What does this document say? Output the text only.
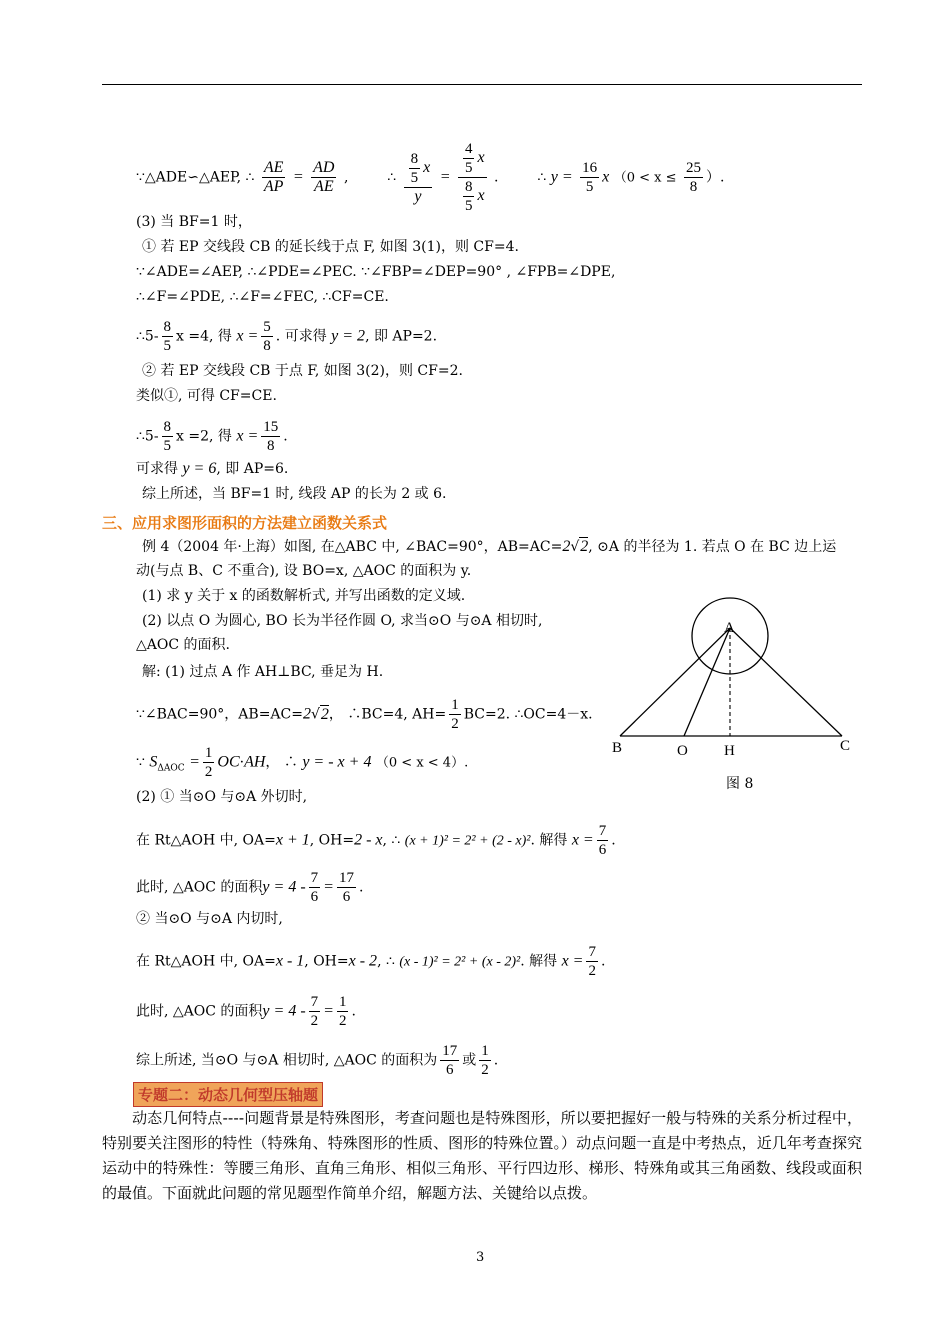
∵△ADE∽△AEP, ∴ $\frac{AE}{AP} = \frac{AD}{AE}$ ,	∴ $\frac{\frac{8}{5} x}{y} = \frac{\frac{4}{5} x}{\frac{8}{5} x}$ .	∴ $y = \frac{16}{5}$ x （$0 < x \le \frac{25}{8}$ ）.
(3) 当 BF=1 时，
① 若 EP 交线段 CB 的延长线于点 F, 如图 3(1)，则 CF=4.
∵∠ADE=∠AEP, ∴∠PDE=∠PEC. ∵∠FBP=∠DEP=90° , ∠FPB=∠DPE,
∴∠F=∠PDE, ∴∠F=∠FEC, ∴CF=CE.
∴5- $\frac{8}{5}$ x =4, 得 $x = \frac{5}{8}$ . 可求得 y = 2, 即 AP=2.
② 若 EP 交线段 CB 于点 F, 如图 3(2)，则 CF=2.
类似①, 可得 CF=CE.
∴5- $\frac{8}{5}$ x =2, 得 $x = \frac{15}{8}$ .
可求得 y = 6, 即 AP=6.
综上所述，当 BF=1 时, 线段 AP 的长为 2 或 6.
三、应用求图形面积的方法建立函数关系式
例 4（2004 年·上海）如图, 在△ABC 中, ∠BAC=90°，AB=AC=2√2, ⊙A 的半径为 1. 若点 O 在 BC 边上运
动(与点 B、C 不重合), 设 BO=x, △AOC 的面积为 y.
(1) 求 y 关于 x 的函数解析式, 并写出函数的定义域.
(2) 以点 O 为圆心, BO 长为半径作圆 O, 求当⊙O 与⊙A 相切时,
△AOC 的面积.
解: (1) 过点 A 作 AH⊥BC, 垂足为 H.
∵∠BAC=90°，AB=AC=2√2， ∴BC=4, $AH= \frac{1}{2} BC=2$. ∴OC=4－x.
∵ $S_{\Delta AOC} = \frac{1}{2} OC\cdot AH$， ∴ y = - x + 4 （0 < x < 4）.
(2) ① 当⊙O 与⊙A 外切时,
在 Rt△AOH 中, OA=x + 1, OH=2 - x, ∴ (x + 1)² = 2² + (2 - x)². 解得 $x = \frac{7}{6}$ .
此时, △AOC 的面积$y = 4 - \frac{7}{6} = \frac{17}{6}$ .
② 当⊙O 与⊙A 内切时,
在 Rt△AOH 中, OA=x - 1, OH=x - 2, ∴ (x - 1)² = 2² + (x - 2)². 解得 $x = \frac{7}{2}$ .
此时, △AOC 的面积$y = 4 - \frac{7}{2} = \frac{1}{2}$ .
综上所述, 当⊙O 与⊙A 相切时, △AOC 的面积为 $\frac{17}{6}$ 或 $\frac{1}{2}$ .
A
B	O H	C
图 8
专题二：动态几何型压轴题
动态几何特点----问题背景是特殊图形，考查问题也是特殊图形，所以要把握好一般与特殊的关系分析过程中，特别要关注图形的特性（特殊角、特殊图形的性质、图形的特殊位置。）动点问题一直是中考热点，近几年考查探究运动中的特殊性：等腰三角形、直角三角形、相似三角形、平行四边形、梯形、特殊角或其三角函数、线段或面积的最值。下面就此问题的常见题型作简单介绍，解题方法、关键给以点拨。
3
